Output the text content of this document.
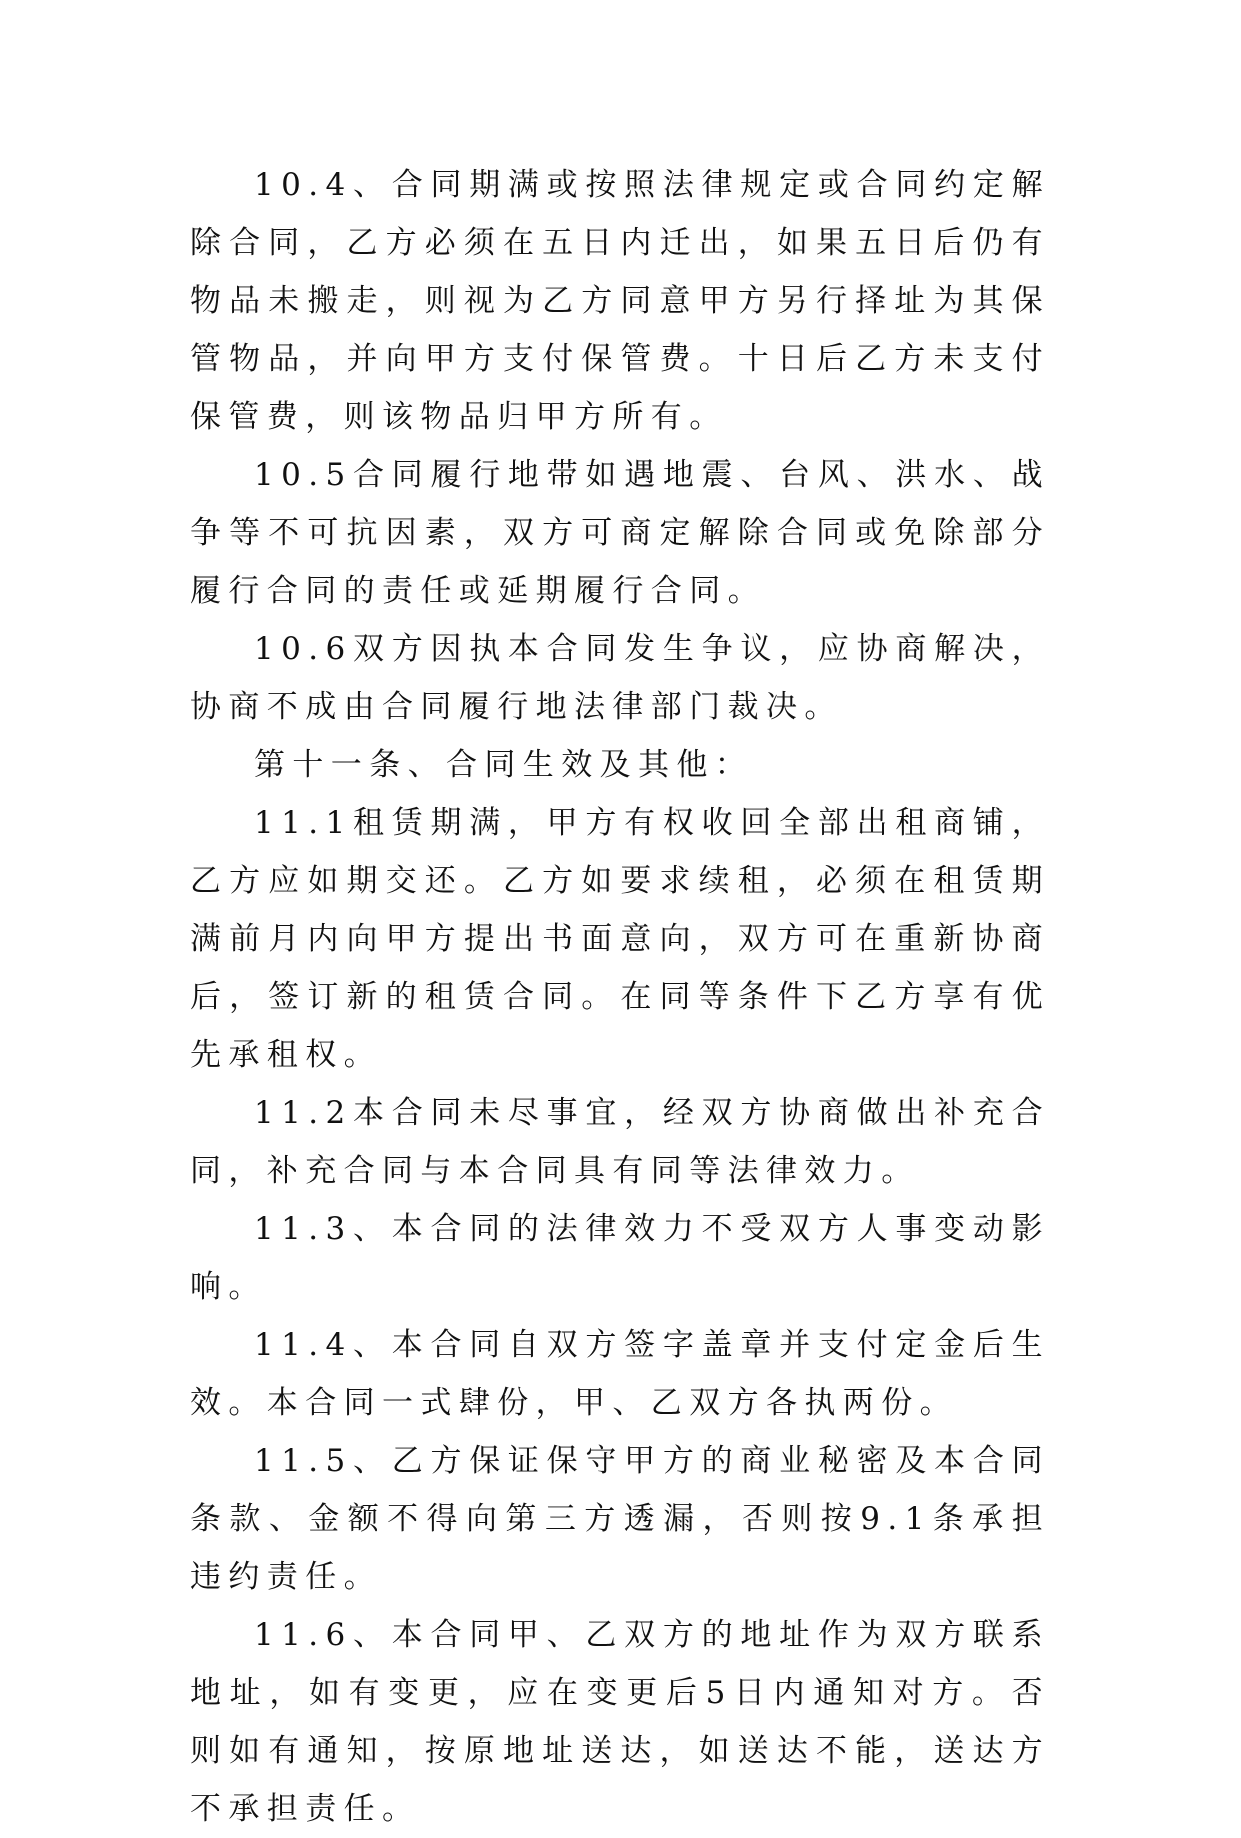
10.4、合同期满或按照法律规定或合同约定解除合同，乙方必须在五日内迁出，如果五日后仍有物品未搬走，则视为乙方同意甲方另行择址为其保管物品，并向甲方支付保管费。十日后乙方未支付保管费，则该物品归甲方所有。

10.5合同履行地带如遇地震、台风、洪水、战争等不可抗因素，双方可商定解除合同或免除部分履行合同的责任或延期履行合同。

10.6双方因执本合同发生争议，应协商解决，协商不成由合同履行地法律部门裁决。

第十一条、合同生效及其他：

11.1租赁期满，甲方有权收回全部出租商铺，乙方应如期交还。乙方如要求续租，必须在租赁期满前月内向甲方提出书面意向，双方可在重新协商后，签订新的租赁合同。在同等条件下乙方享有优先承租权。

11.2本合同未尽事宜，经双方协商做出补充合同，补充合同与本合同具有同等法律效力。

11.3、本合同的法律效力不受双方人事变动影响。

11.4、本合同自双方签字盖章并支付定金后生效。本合同一式肆份，甲、乙双方各执两份。

11.5、乙方保证保守甲方的商业秘密及本合同条款、金额不得向第三方透漏，否则按9.1条承担违约责任。

11.6、本合同甲、乙双方的地址作为双方联系地址，如有变更，应在变更后5日内通知对方。否则如有通知，按原地址送达，如送达不能，送达方不承担责任。
